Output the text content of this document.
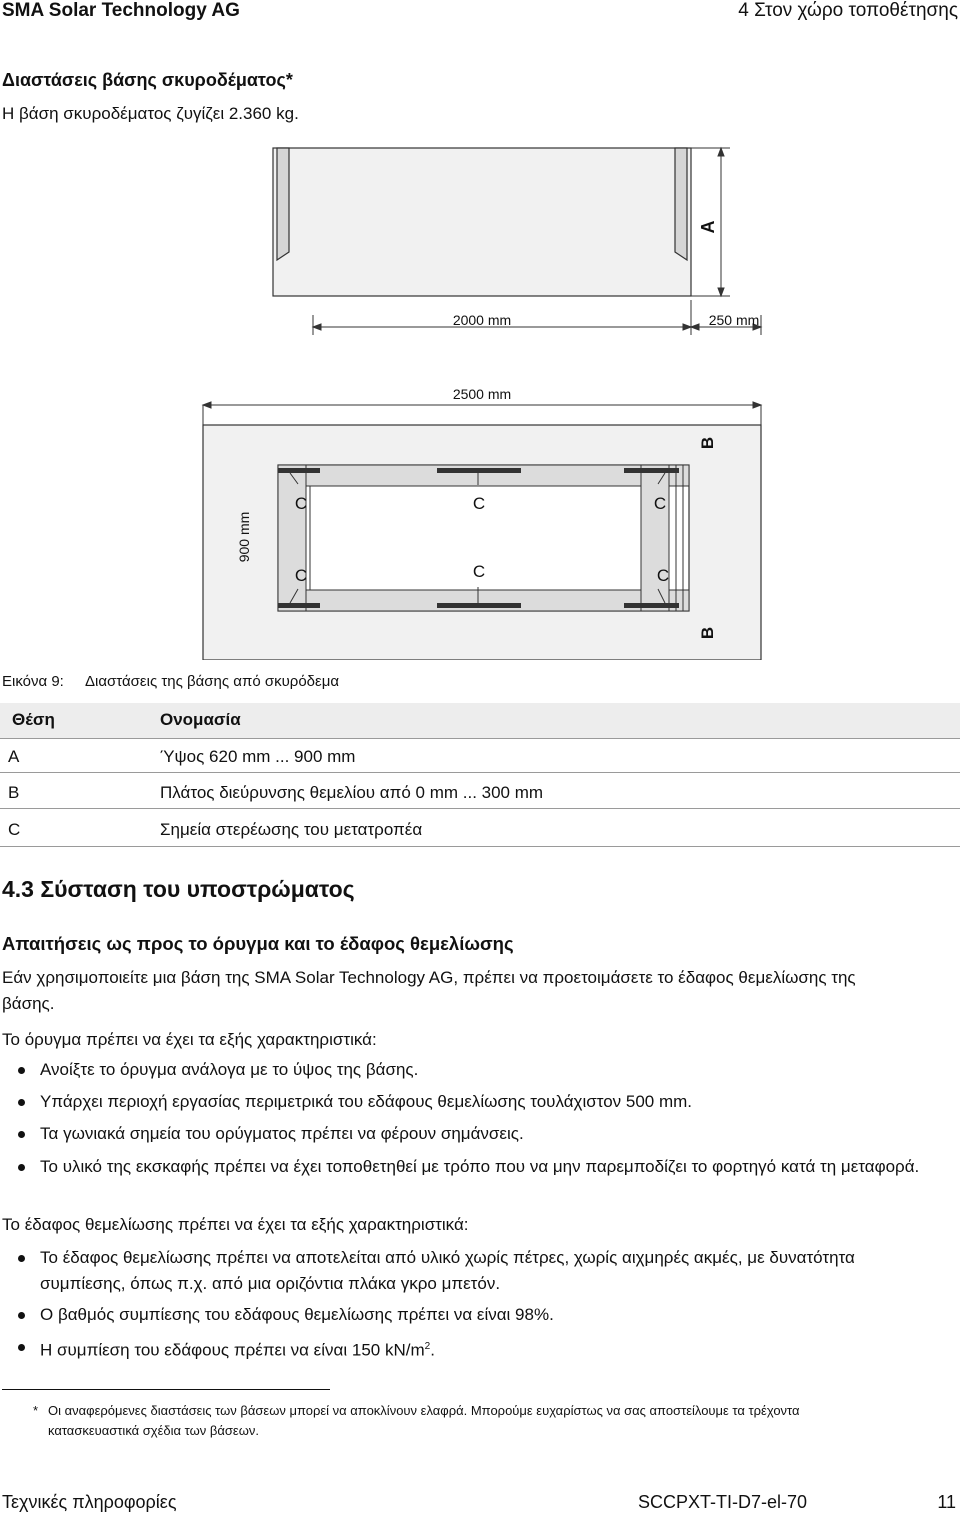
SMA Solar Technology AG	4 Στον χώρο τοποθέτησης
Διαστάσεις βάσης σκυροδέματος*
Η βάση σκυροδέματος ζυγίζει 2.360 kg.
A
2000 mm	250 mm
2500 mm
900 mm
B
B
C	C	C
C	C	C
Εικόνα 9: Διαστάσεις της βάσης από σκυρόδεμα
Θέση	Ονομασία
A	Ύψος 620 mm ... 900 mm
B	Πλάτος διεύρυνσης θεμελίου από 0 mm ... 300 mm
C	Σημεία στερέωσης του μετατροπέα
4.3 Σύσταση του υποστρώματος
Απαιτήσεις ως προς το όρυγμα και το έδαφος θεμελίωσης
Εάν χρησιμοποιείτε μια βάση της SMA Solar Technology AG, πρέπει να προετοιμάσετε το έδαφος θεμελίωσης της
βάσης.
Το όρυγμα πρέπει να έχει τα εξής χαρακτηριστικά:
Ανοίξτε το όρυγμα ανάλογα με το ύψος της βάσης.
Υπάρχει περιοχή εργασίας περιμετρικά του εδάφους θεμελίωσης τουλάχιστον 500 mm.
Τα γωνιακά σημεία του ορύγματος πρέπει να φέρουν σημάνσεις.
Το υλικό της εκσκαφής πρέπει να έχει τοποθετηθεί με τρόπο που να μην παρεμποδίζει το φορτηγό κατά τη μεταφορά.
Το έδαφος θεμελίωσης πρέπει να έχει τα εξής χαρακτηριστικά:
Το έδαφος θεμελίωσης πρέπει να αποτελείται από υλικό χωρίς πέτρες, χωρίς αιχμηρές ακμές, με δυνατότητα συμπίεσης, όπως π.χ. από μια οριζόντια πλάκα γκρο μπετόν.
Ο βαθμός συμπίεσης του εδάφους θεμελίωσης πρέπει να είναι 98%.
Η συμπίεση του εδάφους πρέπει να είναι 150 $kN/m^2$.
* Οι αναφερόμενες διαστάσεις των βάσεων μπορεί να αποκλίνουν ελαφρά. Μπορούμε ευχαρίστως να σας αποστείλουμε τα τρέχοντα
κατασκευαστικά σχέδια των βάσεων.
Τεχνικές πληροφορίες	SCCPXT-TI-D7-el-70	11
